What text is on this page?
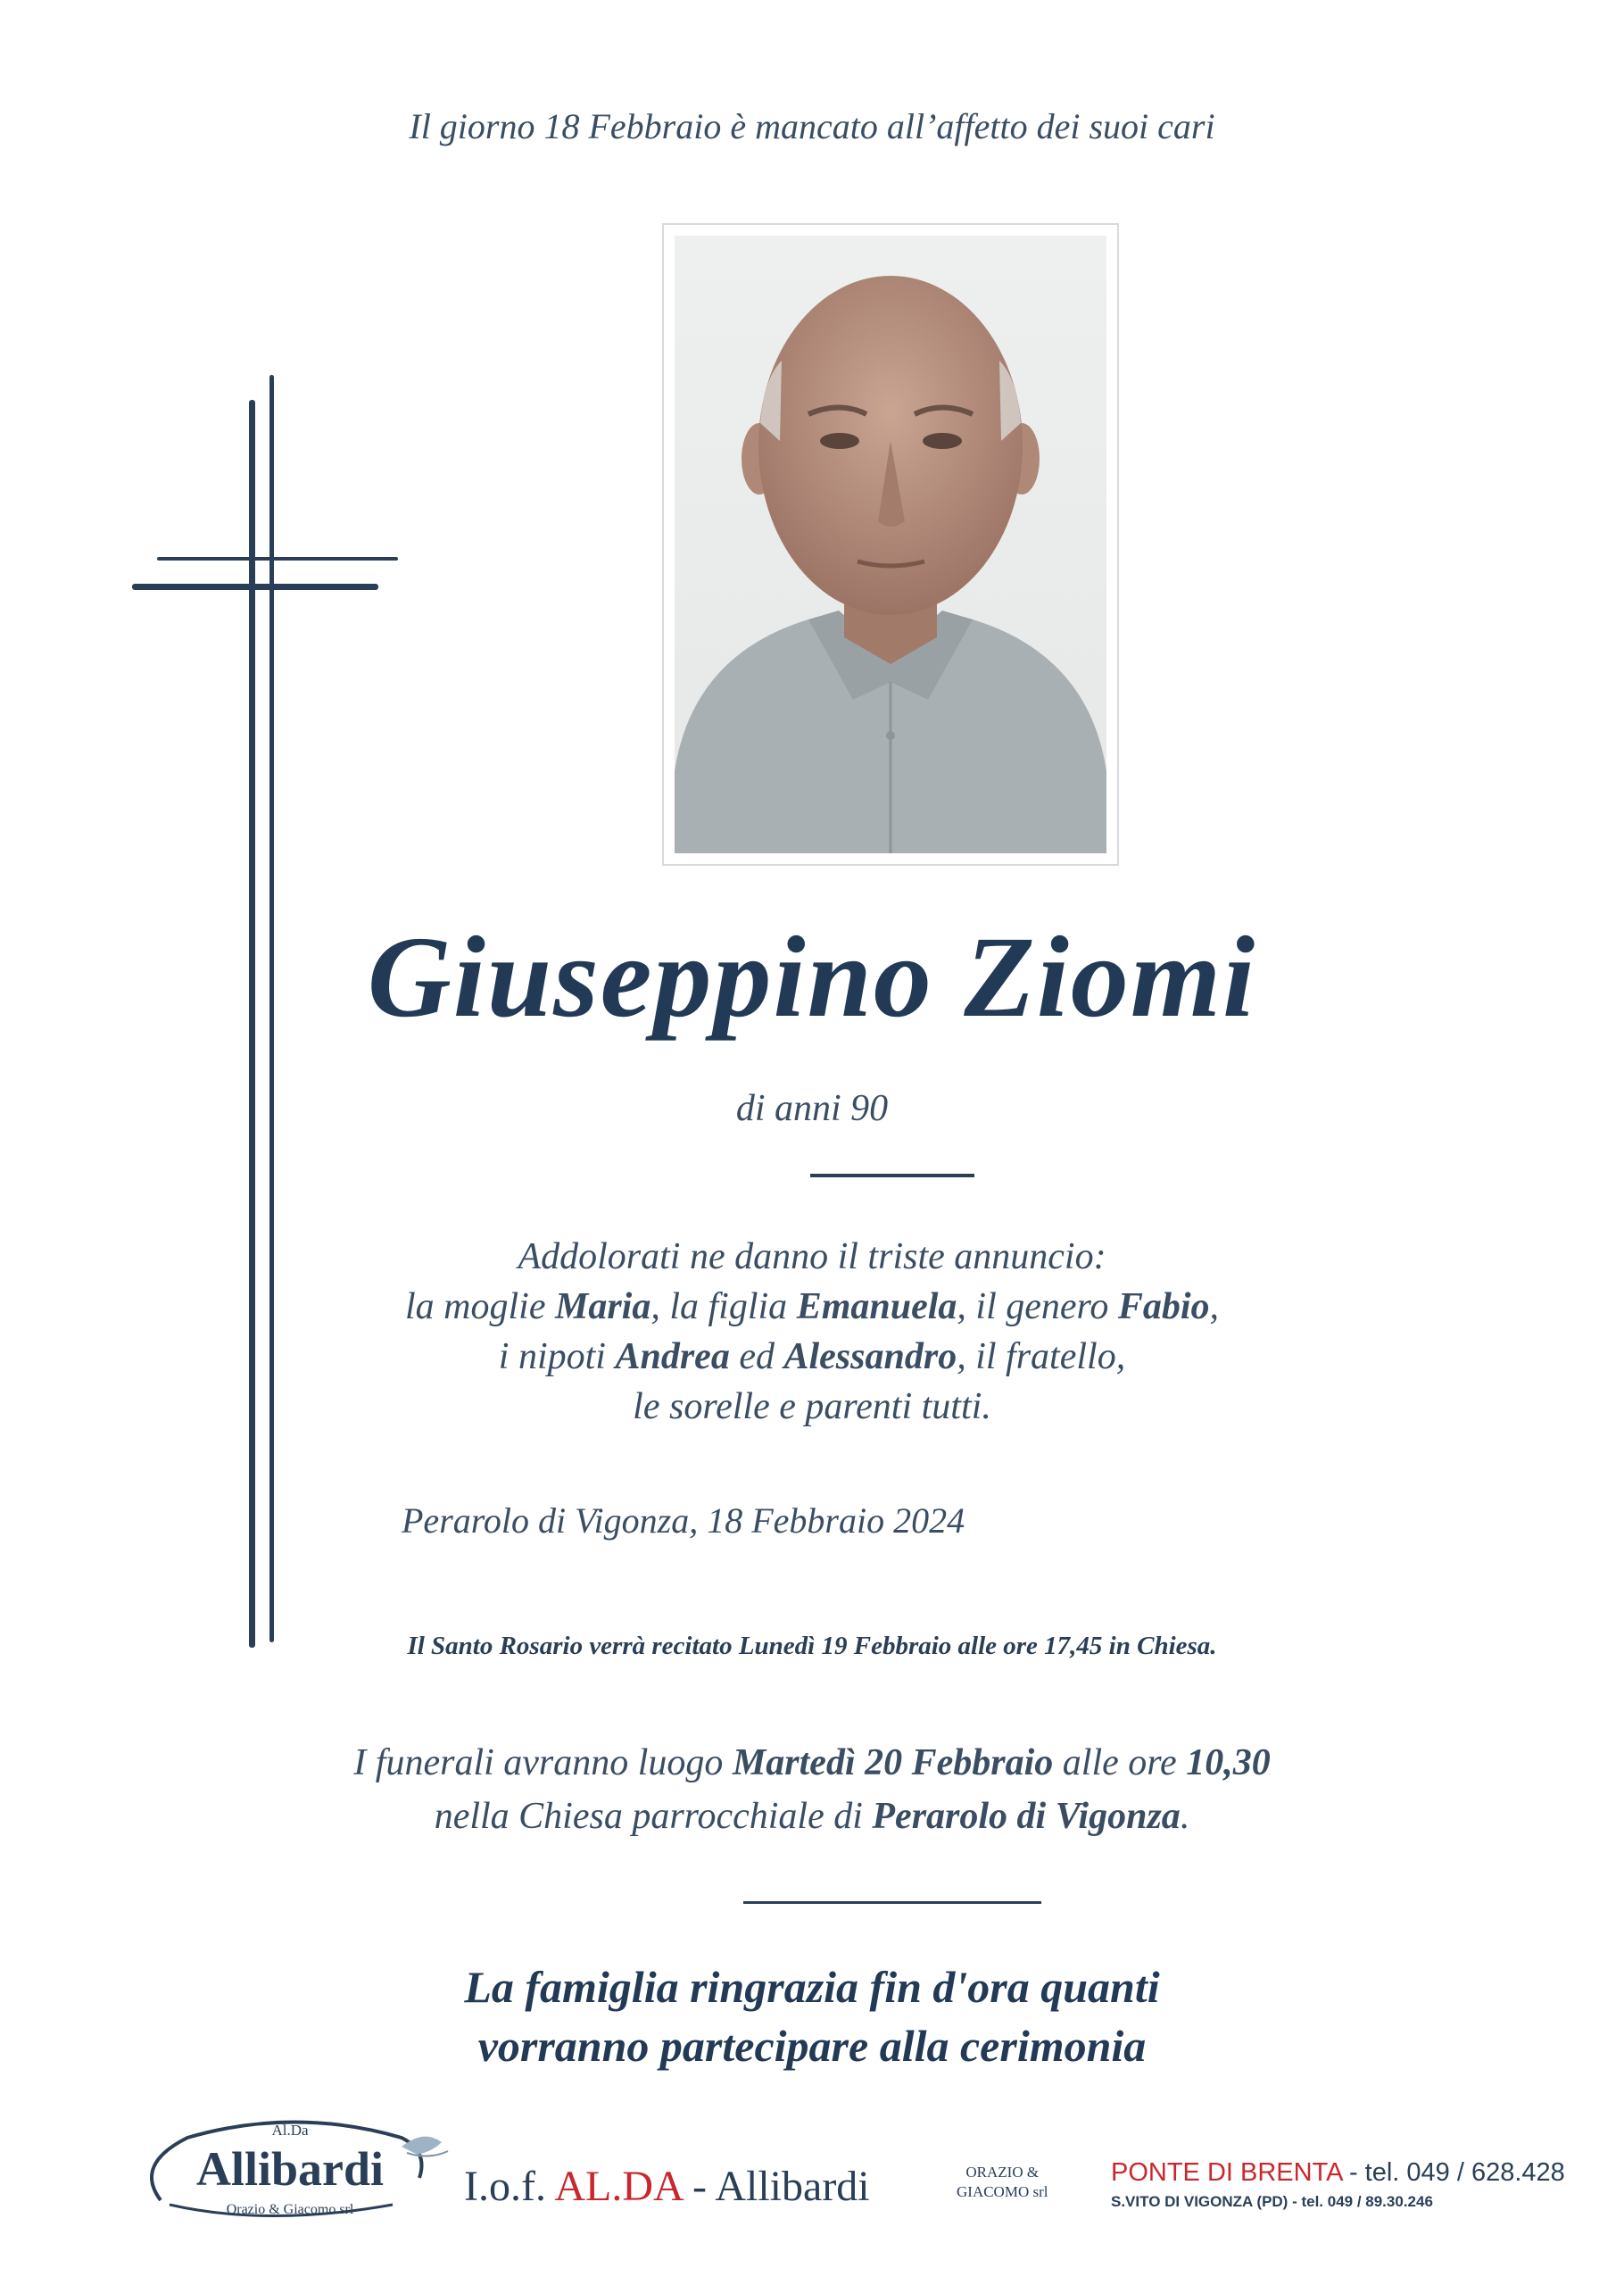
Il giorno 18 Febbraio è mancato all’affetto dei suoi cari
Giuseppino Ziomi
di anni 90
Addolorati ne danno il triste annuncio:
la moglie Maria, la figlia Emanuela, il genero Fabio,
i nipoti Andrea ed Alessandro, il fratello,
le sorelle e parenti tutti.
Perarolo di Vigonza, 18 Febbraio 2024
Il Santo Rosario verrà recitato Lunedì 19 Febbraio alle ore 17,45 in Chiesa.
I funerali avranno luogo Martedì 20 Febbraio alle ore 10,30
nella Chiesa parrocchiale di Perarolo di Vigonza.
La famiglia ringrazia fin d'ora quanti
vorranno partecipare alla cerimonia
Al.Da
Allibardi
Orazio & Giacomo srl	I.o.f. AL.DA - Allibardi	ORAZIO &
GIACOMO srl
PONTE DI BRENTA - tel. 049 / 628.428
S.VITO DI VIGONZA (PD) - tel. 049 / 89.30.246
